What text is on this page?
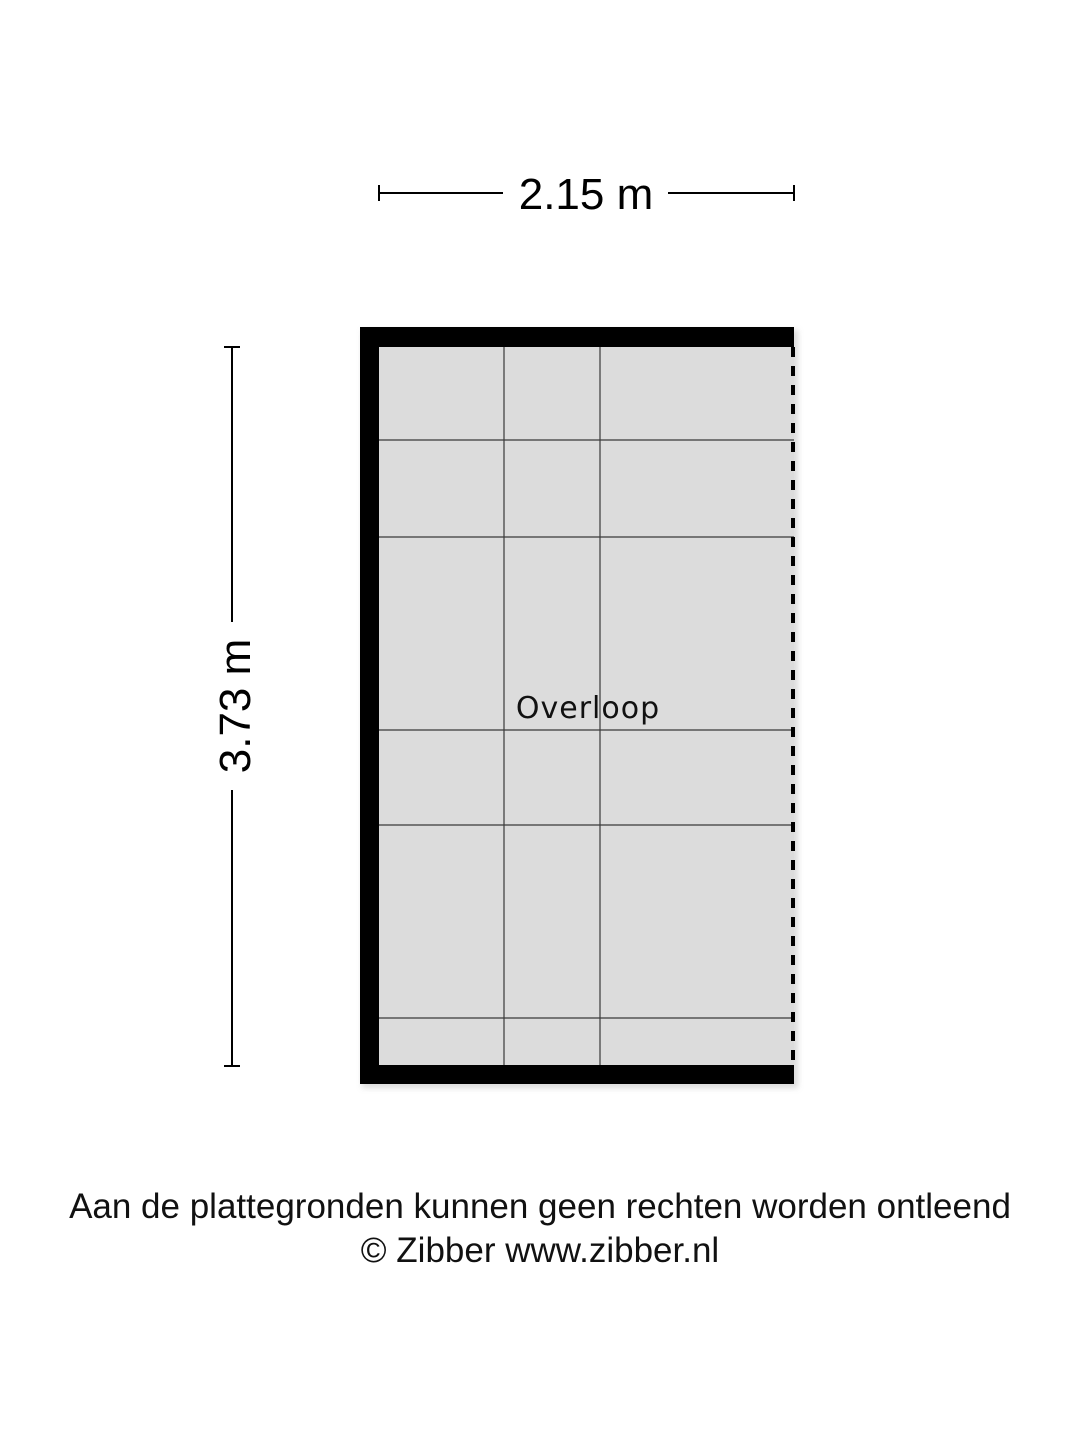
2.15 m
3.73 m	Overloop
Aan de plattegronden kunnen geen rechten worden ontleend
© Zibber www.zibber.nl
